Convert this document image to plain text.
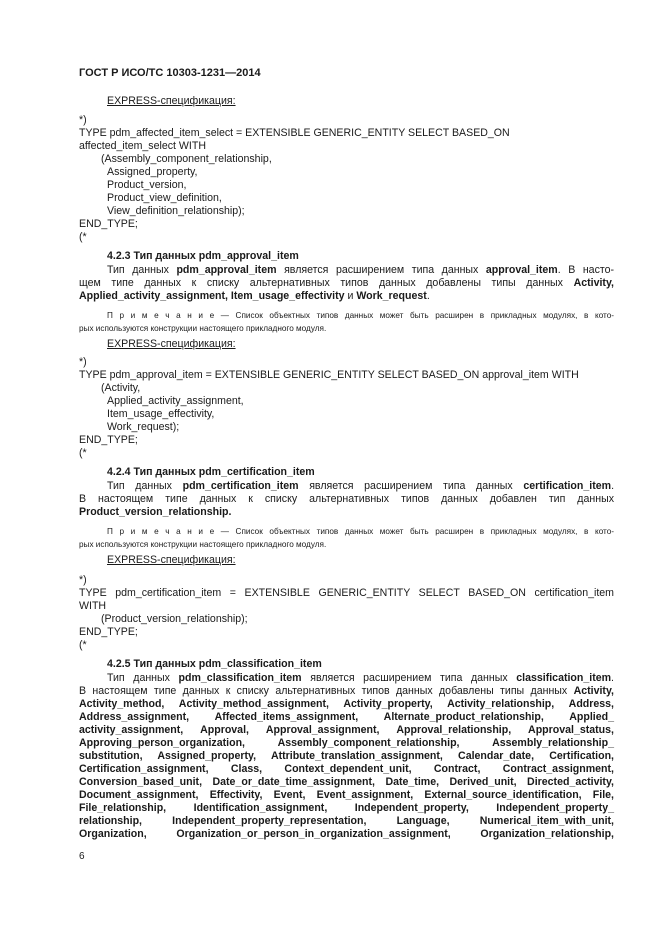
ГОСТ Р ИСО/ТС 10303-1231—2014
EXPRESS-спецификация:
*)
TYPE pdm_affected_item_select = EXTENSIBLE GENERIC_ENTITY SELECT BASED_ON
affected_item_select WITH
(Assembly_component_relationship,
Assigned_property,
Product_version,
Product_view_definition,
View_definition_relationship);
END_TYPE;
(*
4.2.3 Тип данных pdm_approval_item
Тип данных pdm_approval_item является расширением типа данных approval_item. В насто-
щем типе данных к списку альтернативных типов данных добавлены типы данных Activity,
Applied_activity_assignment, Item_usage_effectivity и Work_request.
П р и м е ч а н и е — Список объектных типов данных может быть расширен в прикладных модулях, в кото-
рых используются конструкции настоящего прикладного модуля.
EXPRESS-спецификация:
*)
TYPE pdm_approval_item = EXTENSIBLE GENERIC_ENTITY SELECT BASED_ON approval_item WITH
(Activity,
Applied_activity_assignment,
Item_usage_effectivity,
Work_request);
END_TYPE;
(*
4.2.4 Тип данных pdm_certification_item
Тип данных pdm_certification_item является расширением типа данных certification_item.
В настоящем типе данных к списку альтернативных типов данных добавлен тип данных
Product_version_relationship.
П р и м е ч а н и е — Список объектных типов данных может быть расширен в прикладных модулях, в кото-
рых используются конструкции настоящего прикладного модуля.
EXPRESS-спецификация:
*)
TYPE pdm_certification_item = EXTENSIBLE GENERIC_ENTITY SELECT BASED_ON certification_item
WITH
(Product_version_relationship);
END_TYPE;
(*
4.2.5 Тип данных pdm_classification_item
Тип данных pdm_classification_item является расширением типа данных classification_item.
В настоящем типе данных к списку альтернативных типов данных добавлены типы данных Activity,
Activity_method, Activity_method_assignment, Activity_property, Activity_relationship, Address,
Address_assignment, Affected_items_assignment, Alternate_product_relationship, Applied_
activity_assignment, Approval, Approval_assignment, Approval_relationship, Approval_status,
Approving_person_organization, Assembly_component_relationship, Assembly_relationship_
substitution, Assigned_property, Attribute_translation_assignment, Calendar_date, Certification,
Certification_assignment, Class, Context_dependent_unit, Contract, Contract_assignment,
Conversion_based_unit, Date_or_date_time_assignment, Date_time, Derived_unit, Directed_activity,
Document_assignment, Effectivity, Event, Event_assignment, External_source_identification, File,
File_relationship, Identification_assignment, Independent_property, Independent_property_
relationship, Independent_property_representation, Language, Numerical_item_with_unit,
Organization, Organization_or_person_in_organization_assignment, Organization_relationship,
6
